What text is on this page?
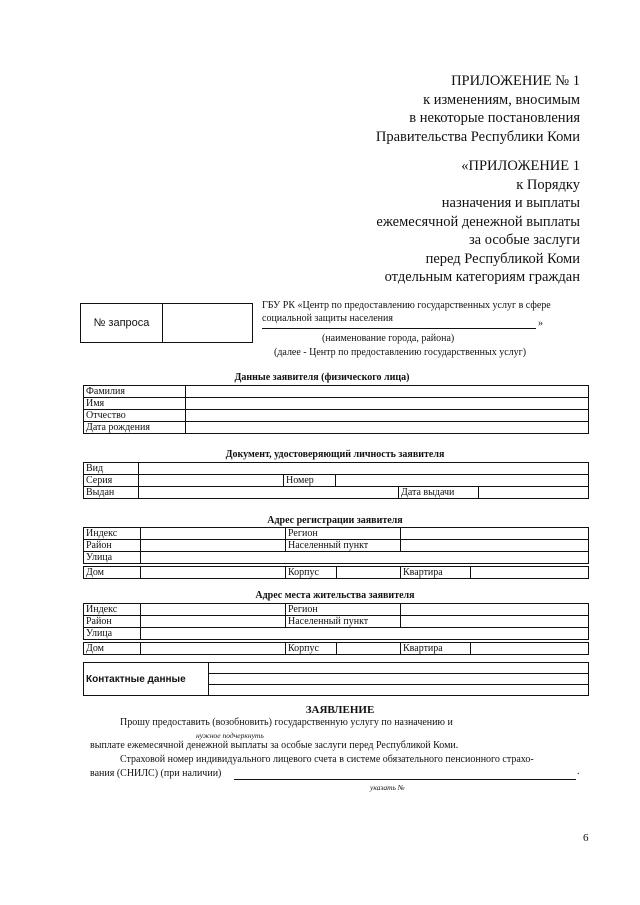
ПРИЛОЖЕНИЕ № 1
к изменениям, вносимым
в некоторые постановления
Правительства Республики Коми
«ПРИЛОЖЕНИЕ 1
к Порядку
назначения и выплаты
ежемесячной денежной выплаты
за особые заслуги
перед Республикой Коми
отдельным категориям граждан
№ запроса	
ГБУ РК «Центр по предоставлению государственных услуг в сфере
социальной защиты населения	»
(наименование города, района)
(далее - Центр по предоставлению государственных услуг)
Данные заявителя (физического лица)
Фамилия	
Имя	
Отчество	
Дата рождения	
Документ, удостоверяющий личность заявителя
Вид					
Серия		Номер			
Выдан				Дата выдачи	
Адрес регистрации заявителя
Индекс		Регион	
Район		Населенный пункт	
Улица			
Дом		Корпус		Квартира	
Адрес места жительства заявителя
Индекс		Регион	
Район		Населенный пункт	
Улица			
Дом		Корпус		Квартира	
Контактные данные	

ЗАЯВЛЕНИЕ
Прошу предоставить (возобновить) государственную услугу по назначению и
нужное подчеркнуть
выплате ежемесячной денежной выплаты за особые заслуги перед Республикой Коми.
Страховой номер индивидуального лицевого счета в системе обязательного пенсионного страхо-
вания (СНИЛС) (при наличии)	.
указать №
6
